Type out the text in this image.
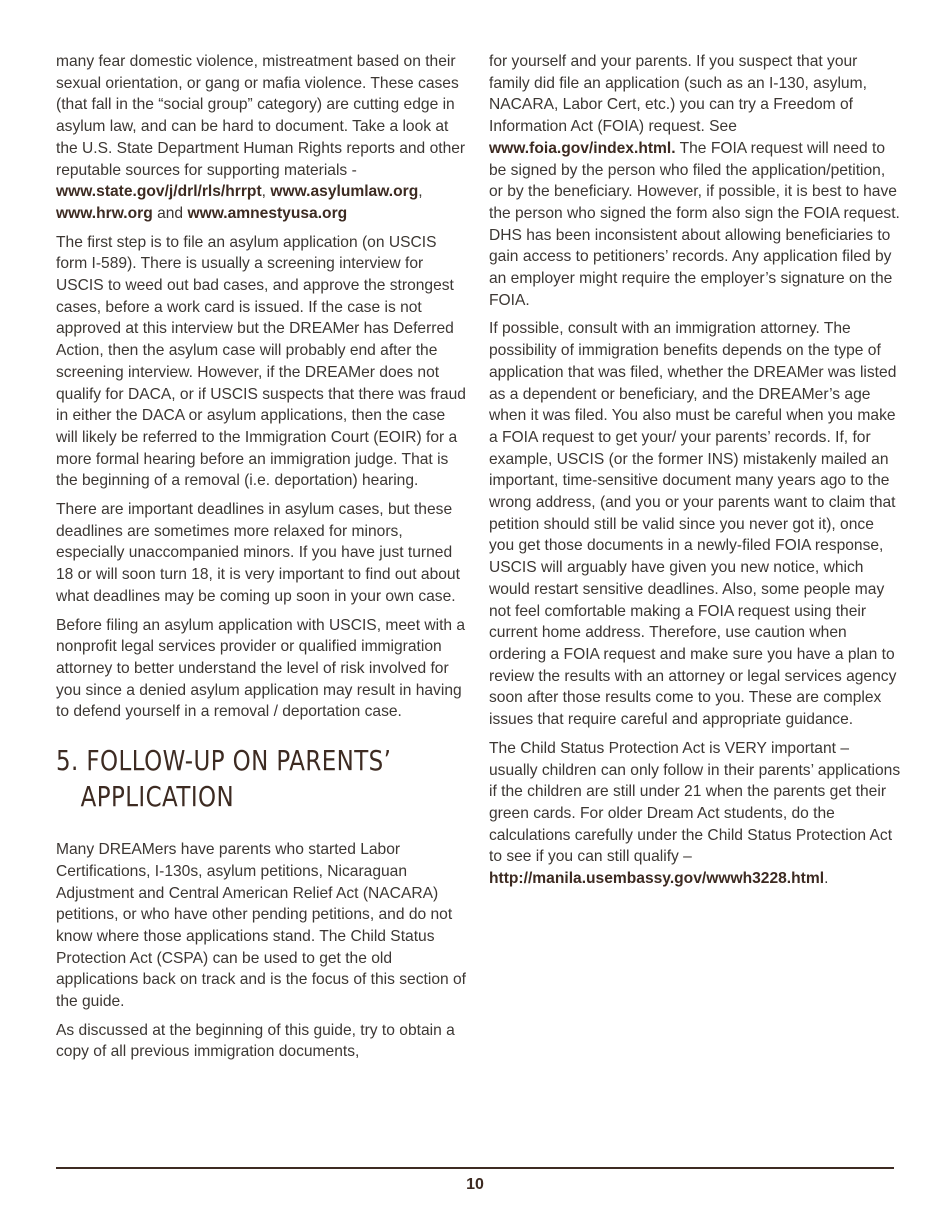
many fear domestic violence, mistreatment based on their sexual orientation, or gang or mafia violence. These cases (that fall in the “social group” category) are cutting edge in asylum law, and can be hard to document. Take a look at the U.S. State Department Human Rights reports and other reputable sources for supporting materials - www.state.gov/j/drl/rls/hrrpt, www.asylumlaw.org, www.hrw.org and www.amnestyusa.org

The first step is to file an asylum application (on USCIS form I-589). There is usually a screening interview for USCIS to weed out bad cases, and approve the strongest cases, before a work card is issued. If the case is not approved at this interview but the DREAMer has Deferred Action, then the asylum case will probably end after the screening interview. However, if the DREAMer does not qualify for DACA, or if USCIS suspects that there was fraud in either the DACA or asylum applications, then the case will likely be referred to the Immigration Court (EOIR) for a more formal hearing before an immigration judge. That is the beginning of a removal (i.e. deportation) hearing.

There are important deadlines in asylum cases, but these deadlines are sometimes more relaxed for minors, especially unaccompanied minors. If you have just turned 18 or will soon turn 18, it is very important to find out about what deadlines may be coming up soon in your own case.

Before filing an asylum application with USCIS, meet with a nonprofit legal services provider or qualified immigration attorney to better understand the level of risk involved for you since a denied asylum application may result in having to defend yourself in a removal / deportation case.

5. FOLLOW-UP ON PARENTS’
APPLICATION

Many DREAMers have parents who started Labor Certifications, I-130s, asylum petitions, Nicaraguan Adjustment and Central American Relief Act (NACARA) petitions, or who have other pending petitions, and do not know where those applications stand. The Child Status Protection Act (CSPA) can be used to get the old applications back on track and is the focus of this section of the guide.

As discussed at the beginning of this guide, try to obtain a copy of all previous immigration documents,

for yourself and your parents. If you suspect that your family did file an application (such as an I-130, asylum, NACARA, Labor Cert, etc.) you can try a Freedom of Information Act (FOIA) request. See www.foia.gov/index.html. The FOIA request will need to be signed by the person who filed the application/petition, or by the beneficiary. However, if possible, it is best to have the person who signed the form also sign the FOIA request. DHS has been inconsistent about allowing beneficiaries to gain access to petitioners’ records. Any application filed by an employer might require the employer’s signature on the FOIA.

If possible, consult with an immigration attorney. The possibility of immigration benefits depends on the type of application that was filed, whether the DREAMer was listed as a dependent or beneficiary, and the DREAMer’s age when it was filed. You also must be careful when you make a FOIA request to get your/ your parents’ records. If, for example, USCIS (or the former INS) mistakenly mailed an important, time-sensitive document many years ago to the wrong address, (and you or your parents want to claim that petition should still be valid since you never got it), once you get those documents in a newly-filed FOIA response, USCIS will arguably have given you new notice, which would restart sensitive deadlines. Also, some people may not feel comfortable making a FOIA request using their current home address. Therefore, use caution when ordering a FOIA request and make sure you have a plan to review the results with an attorney or legal services agency soon after those results come to you. These are complex issues that require careful and appropriate guidance.

The Child Status Protection Act is VERY important – usually children can only follow in their parents’ applications if the children are still under 21 when the parents get their green cards. For older Dream Act students, do the calculations carefully under the Child Status Protection Act to see if you can still qualify – http://manila.usembassy.gov/wwwh3228.html.

10
